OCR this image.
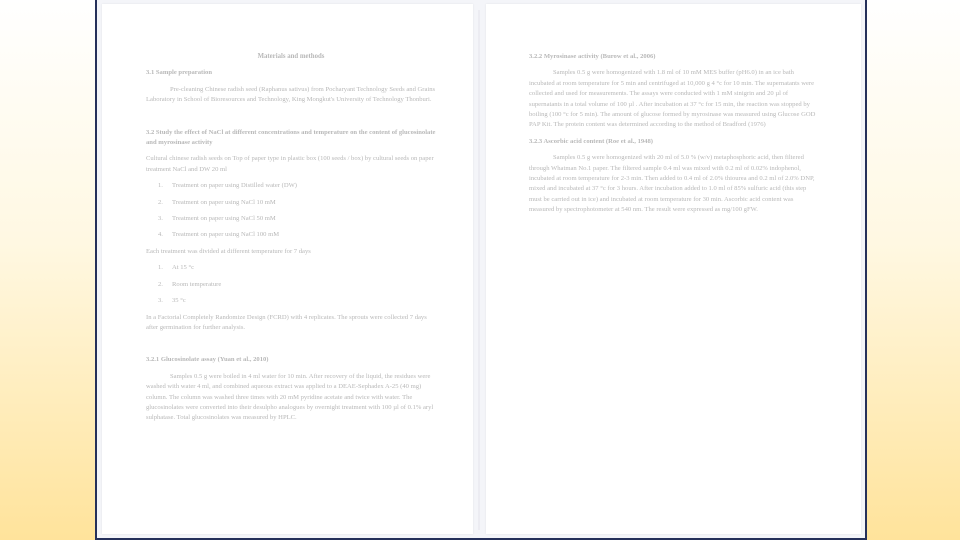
Materials and methods

3.1 Sample preparation

Pre-cleaning Chinese radish seed (Raphanus sativus) from Pocharyant Technology Seeds and Grains Laboratory in School of Bioresources and Technology, King Mongkut's University of Technology Thonburi.

3.2 Study the effect of NaCl at different concentrations and temperature on the content of glucosinolate and myrosinase activity

Cultural chinese radish seeds on Top of paper type in plastic box (100 seeds / box) by cultural seeds on paper treatment NaCl and DW 20 ml

1.	Treatment on paper using Distilled water (DW)
2.	Treatment on paper using NaCl 10 mM
3.	Treatment on paper using NaCl 50 mM
4.	Treatment on paper using NaCl 100 mM

Each treatment was divided at different temperature for 7 days

1.	At 15 °c
2.	Room temperature
3.	35 °c

In a Factorial Completely Randomize Design (FCRD) with 4 replicates. The sprouts were collected 7 days after germination for further analysis.

3.2.1 Glucosinolate assay (Yuan et al., 2010)

Samples 0.5 g were boiled in 4 ml water for 10 min. After recovery of the liquid, the residues were washed with water 4 ml, and combined aqueous extract was applied to a DEAE-Sephadex A-25 (40 mg) column. The column was washed three times with 20 mM pyridine acetate and twice with water. The glucosinolates were converted into their desulpho analogues by overnight treatment with 100 µl of 0.1% aryl sulphatase. Total glucosinolates was measured by HPLC.

3.2.2 Myrosinase activity (Burow et al., 2006)

Samples 0.5 g were homogenized with 1.8 ml of 10 mM MES buffer (pH6.0) in an ice bath incubated at room temperature for 5 min and centrifuged at 10,000 g 4 °c for 10 min. The supernatants were collected and used for measurements. The assays were conducted with 1 mM sinigrin and 20 µl of supernatants in a total volume of 100 µl . After incubation at 37 °c for 15 min, the reaction was stopped by boiling (100 °c for 5 min). The amount of glucose formed by myrosinase was measured using Glucose GOD PAP Kit. The protein content was determined according to the method of Bradford (1976)

3.2.3 Ascorbic acid content (Roe et al., 1948)

Samples 0.5 g were homogenized with 20 ml of 5.0 % (w/v) metaphosphoric acid, then filtered through Whatman No.1 paper. The filtered sample 0.4 ml was mixed with 0.2 ml of 0.02% indophenol, incubated at room temperature for 2-3 min. Then added to 0.4 ml of 2.0% thiourea and 0.2 ml of 2.0% DNP, mixed and incubated at 37 °c for 3 hours. After incubation added to 1.0 ml of 85% sulfuric acid (this step must be carried out in ice) and incubated at room temperature for 30 min. Ascorbic acid content was measured by spectrophotometer at 540 nm. The result were expressed as mg/100 gFW.
